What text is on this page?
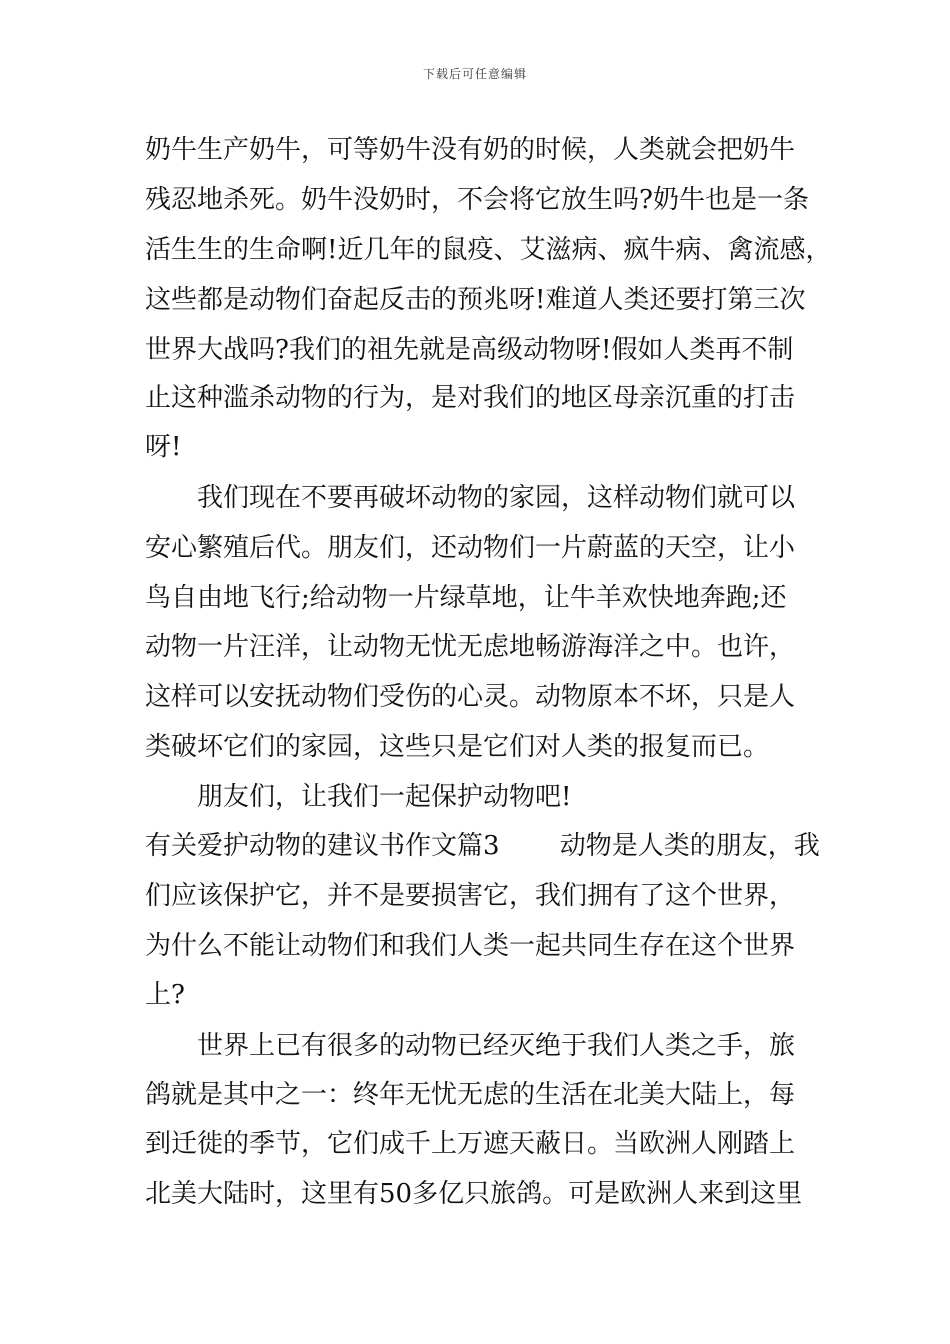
下载后可任意编辑
奶牛生产奶牛，可等奶牛没有奶的时候，人类就会把奶牛
残忍地杀死。奶牛没奶时，不会将它放生吗?奶牛也是一条
活生生的生命啊!近几年的鼠疫、艾滋病、疯牛病、禽流感，
这些都是动物们奋起反击的预兆呀!难道人类还要打第三次
世界大战吗?我们的祖先就是高级动物呀!假如人类再不制
止这种滥杀动物的行为，是对我们的地区母亲沉重的打击
呀!
我们现在不要再破坏动物的家园，这样动物们就可以
安心繁殖后代。朋友们，还动物们一片蔚蓝的天空，让小
鸟自由地飞行;给动物一片绿草地，让牛羊欢快地奔跑;还
动物一片汪洋，让动物无忧无虑地畅游海洋之中。也许，
这样可以安抚动物们受伤的心灵。动物原本不坏，只是人
类破坏它们的家园，这些只是它们对人类的报复而已。
朋友们，让我们一起保护动物吧!
有关爱护动物的建议书作文篇3　　 动物是人类的朋友，我
们应该保护它，并不是要损害它，我们拥有了这个世界，
为什么不能让动物们和我们人类一起共同生存在这个世界
上?
世界上已有很多的动物已经灭绝于我们人类之手，旅
鸽就是其中之一：终年无忧无虑的生活在北美大陆上，每
到迁徙的季节，它们成千上万遮天蔽日。当欧洲人刚踏上
北美大陆时，这里有50多亿只旅鸽。可是欧洲人来到这里
